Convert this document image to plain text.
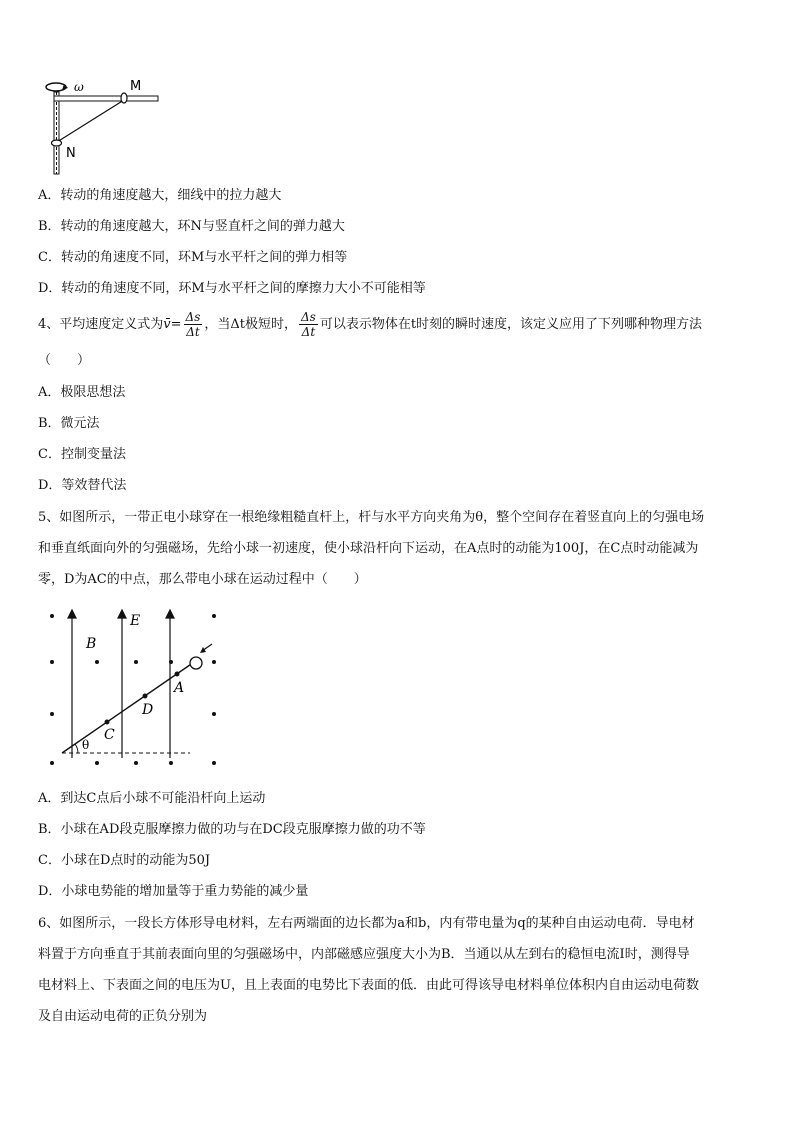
ω	M
N
A．转动的角速度越大，细线中的拉力越大
B．转动的角速度越大，环N与竖直杆之间的弹力越大
C．转动的角速度不同，环M与水平杆之间的弹力相等
D．转动的角速度不同，环M与水平杆之间的摩擦力大小不可能相等
4、平均速度定义式为v̄= $\frac{\Delta s}{\Delta t}$ ，当Δt极短时， $\frac{\Delta s}{\Delta t}$ 可以表示物体在t时刻的瞬时速度，该定义应用了下列哪种物理方法
（　　）
A．极限思想法
B．微元法
C．控制变量法
D．等效替代法
5、如图所示，一带正电小球穿在一根绝缘粗糙直杆上，杆与水平方向夹角为θ，整个空间存在着竖直向上的匀强电场
和垂直纸面向外的匀强磁场，先给小球一初速度，使小球沿杆向下运动，在A点时的动能为100J，在C点时动能减为
零，D为AC的中点，那么带电小球在运动过程中（　　）
B
E
θ
C
D
A
A．到达C点后小球不可能沿杆向上运动
B．小球在AD段克服摩擦力做的功与在DC段克服摩擦力做的功不等
C．小球在D点时的动能为50J
D．小球电势能的增加量等于重力势能的减少量
6、如图所示，一段长方体形导电材料，左右两端面的边长都为a和b，内有带电量为q的某种自由运动电荷．导电材
料置于方向垂直于其前表面向里的匀强磁场中，内部磁感应强度大小为B．当通以从左到右的稳恒电流I时，测得导
电材料上、下表面之间的电压为U，且上表面的电势比下表面的低．由此可得该导电材料单位体积内自由运动电荷数
及自由运动电荷的正负分别为
